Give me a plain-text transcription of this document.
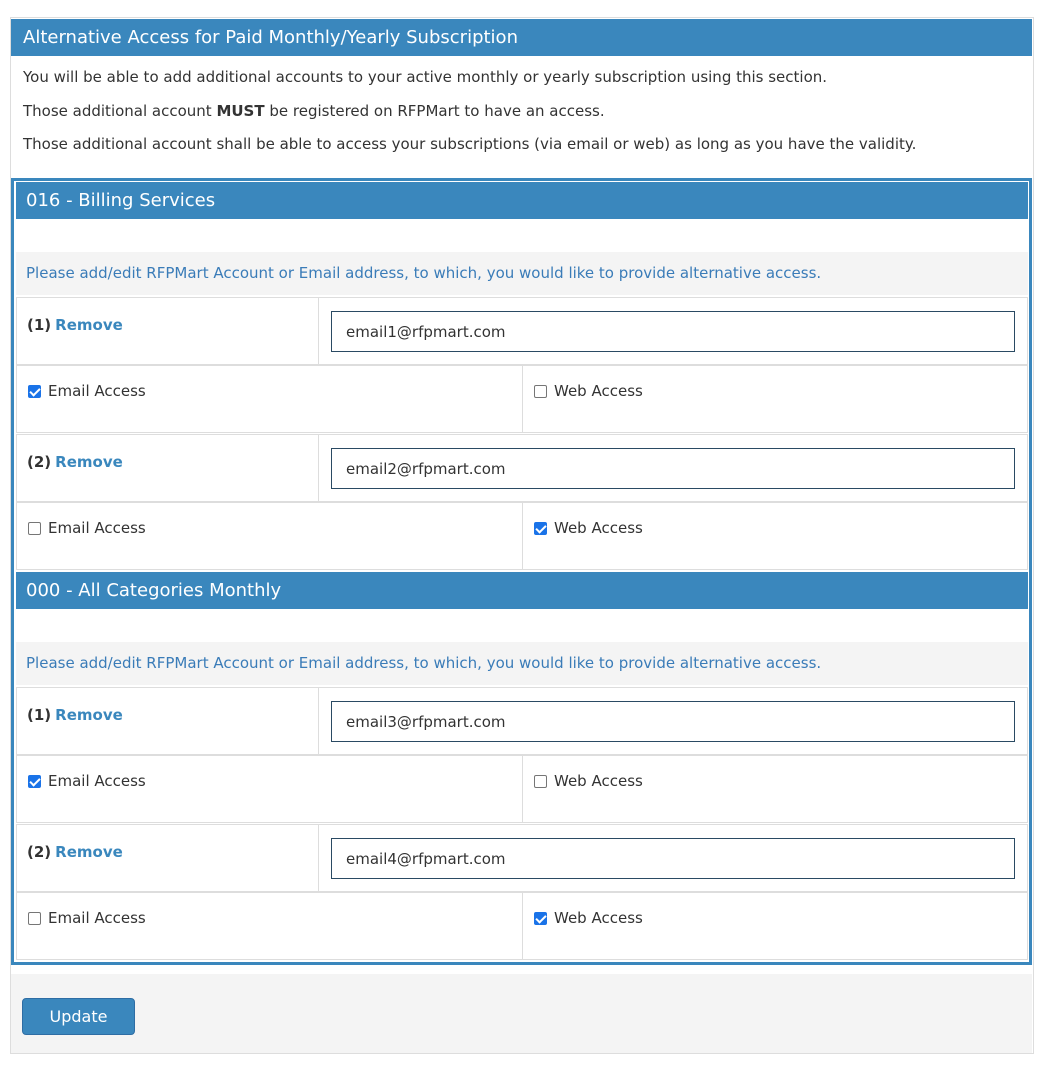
Alternative Access for Paid Monthly/Yearly Subscription
You will be able to add additional accounts to your active monthly or yearly subscription using this section.
Those additional account MUST be registered on RFPMart to have an access.
Those additional account shall be able to access your subscriptions (via email or web) as long as you have the validity.
016 - Billing Services
Please add/edit RFPMart Account or Email address, to which, you would like to provide alternative access.
(1) Remove
email1@rfpmart.com
Email Access	Web Access
(2) Remove
email2@rfpmart.com
Email Access	Web Access
000 - All Categories Monthly
Please add/edit RFPMart Account or Email address, to which, you would like to provide alternative access.
(1) Remove
email3@rfpmart.com
Email Access	Web Access
(2) Remove
email4@rfpmart.com
Email Access	Web Access
Update
